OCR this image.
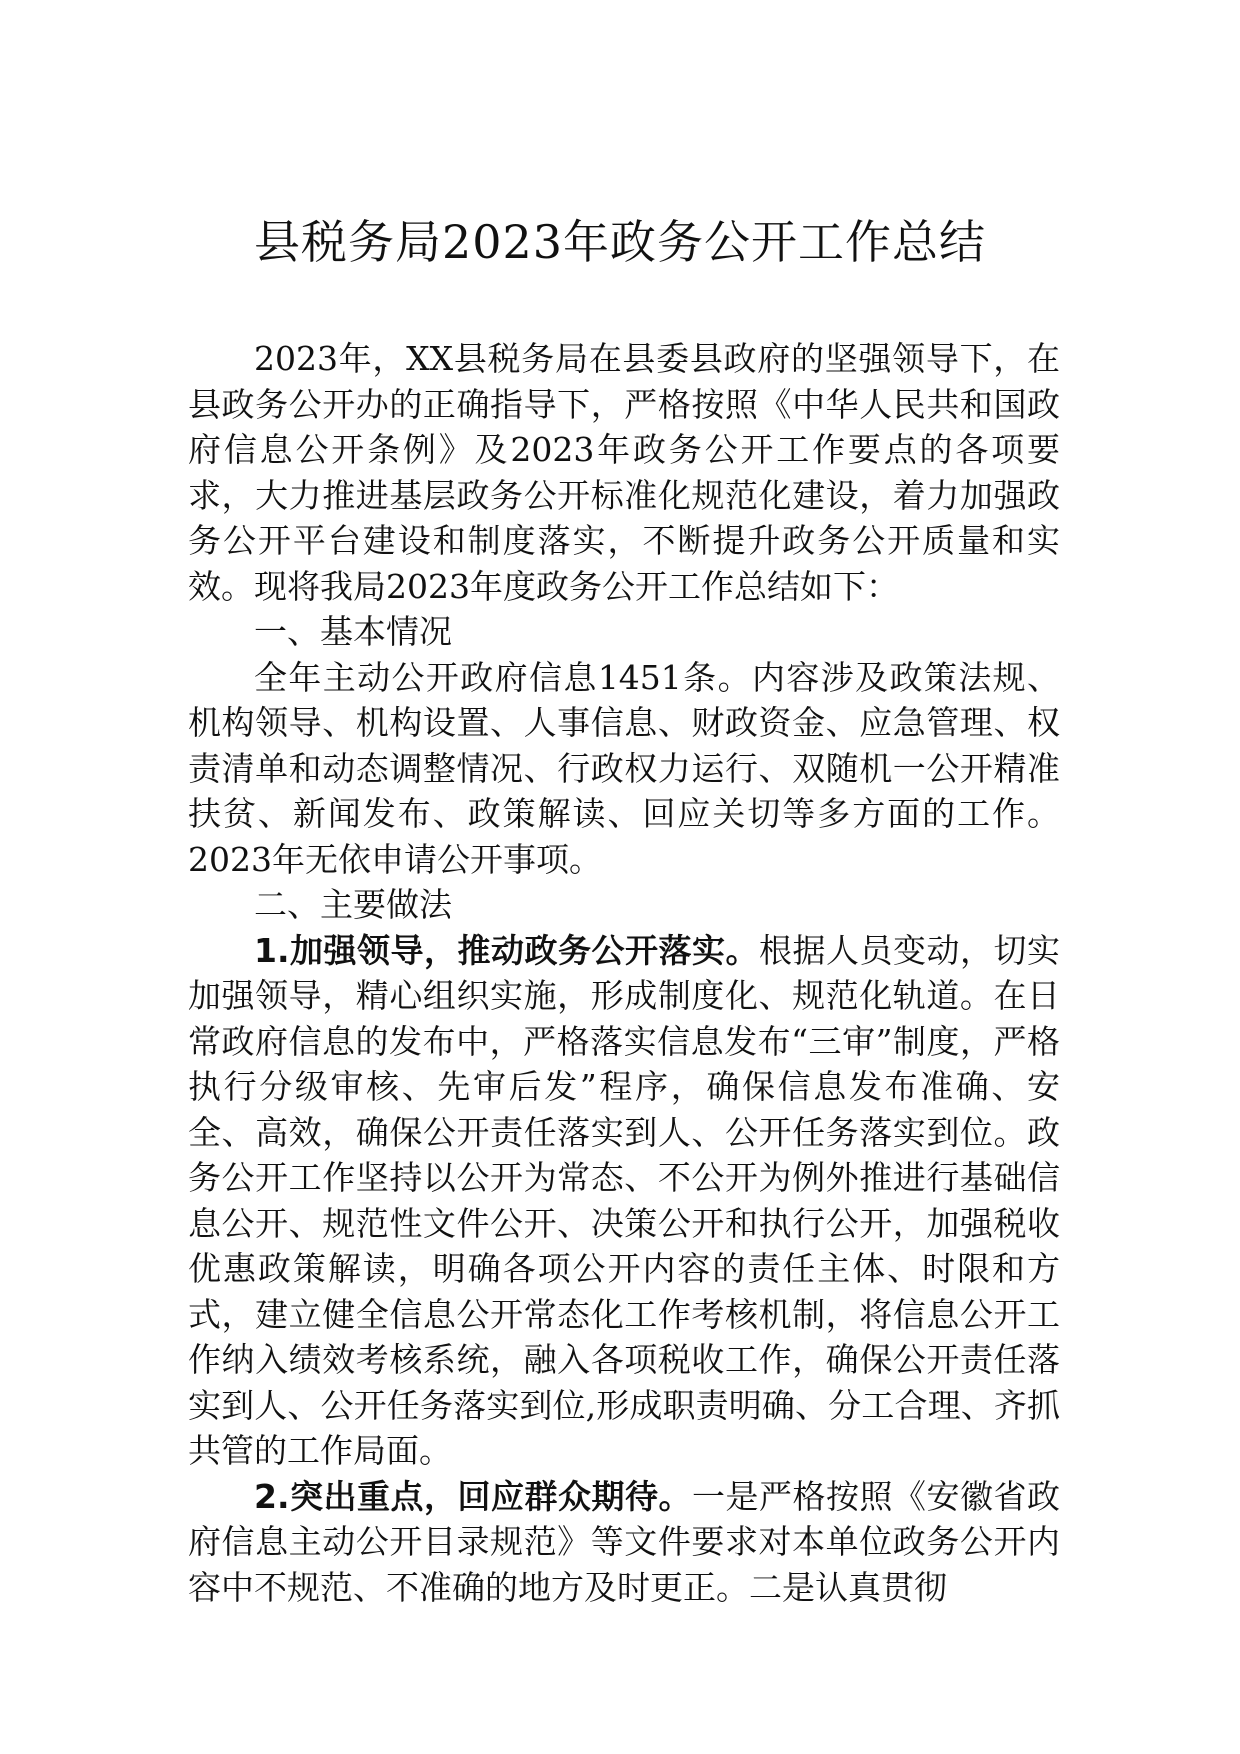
县税务局2023年政务公开工作总结

2023年，XX县税务局在县委县政府的坚强领导下，在县政务公开办的正确指导下，严格按照《中华人民共和国政府信息公开条例》及2023年政务公开工作要点的各项要求，大力推进基层政务公开标准化规范化建设，着力加强政务公开平台建设和制度落实，不断提升政务公开质量和实效。现将我局2023年度政务公开工作总结如下：

一、基本情况

全年主动公开政府信息1451条。内容涉及政策法规、机构领导、机构设置、人事信息、财政资金、应急管理、权责清单和动态调整情况、行政权力运行、双随机一公开精准扶贫、新闻发布、政策解读、回应关切等多方面的工作。2023年无依申请公开事项。

二、主要做法

1.加强领导，推动政务公开落实。根据人员变动，切实加强领导，精心组织实施，形成制度化、规范化轨道。在日常政府信息的发布中，严格落实信息发布“三审”制度，严格执行分级审核、先审后发”程序，确保信息发布准确、安全、高效，确保公开责任落实到人、公开任务落实到位。政务公开工作坚持以公开为常态、不公开为例外推进行基础信息公开、规范性文件公开、决策公开和执行公开，加强税收优惠政策解读，明确各项公开内容的责任主体、时限和方式，建立健全信息公开常态化工作考核机制，将信息公开工作纳入绩效考核系统，融入各项税收工作，确保公开责任落实到人、公开任务落实到位,形成职责明确、分工合理、齐抓共管的工作局面。

2.突出重点，回应群众期待。一是严格按照《安徽省政府信息主动公开目录规范》等文件要求对本单位政务公开内容中不规范、不准确的地方及时更正。二是认真贯彻
